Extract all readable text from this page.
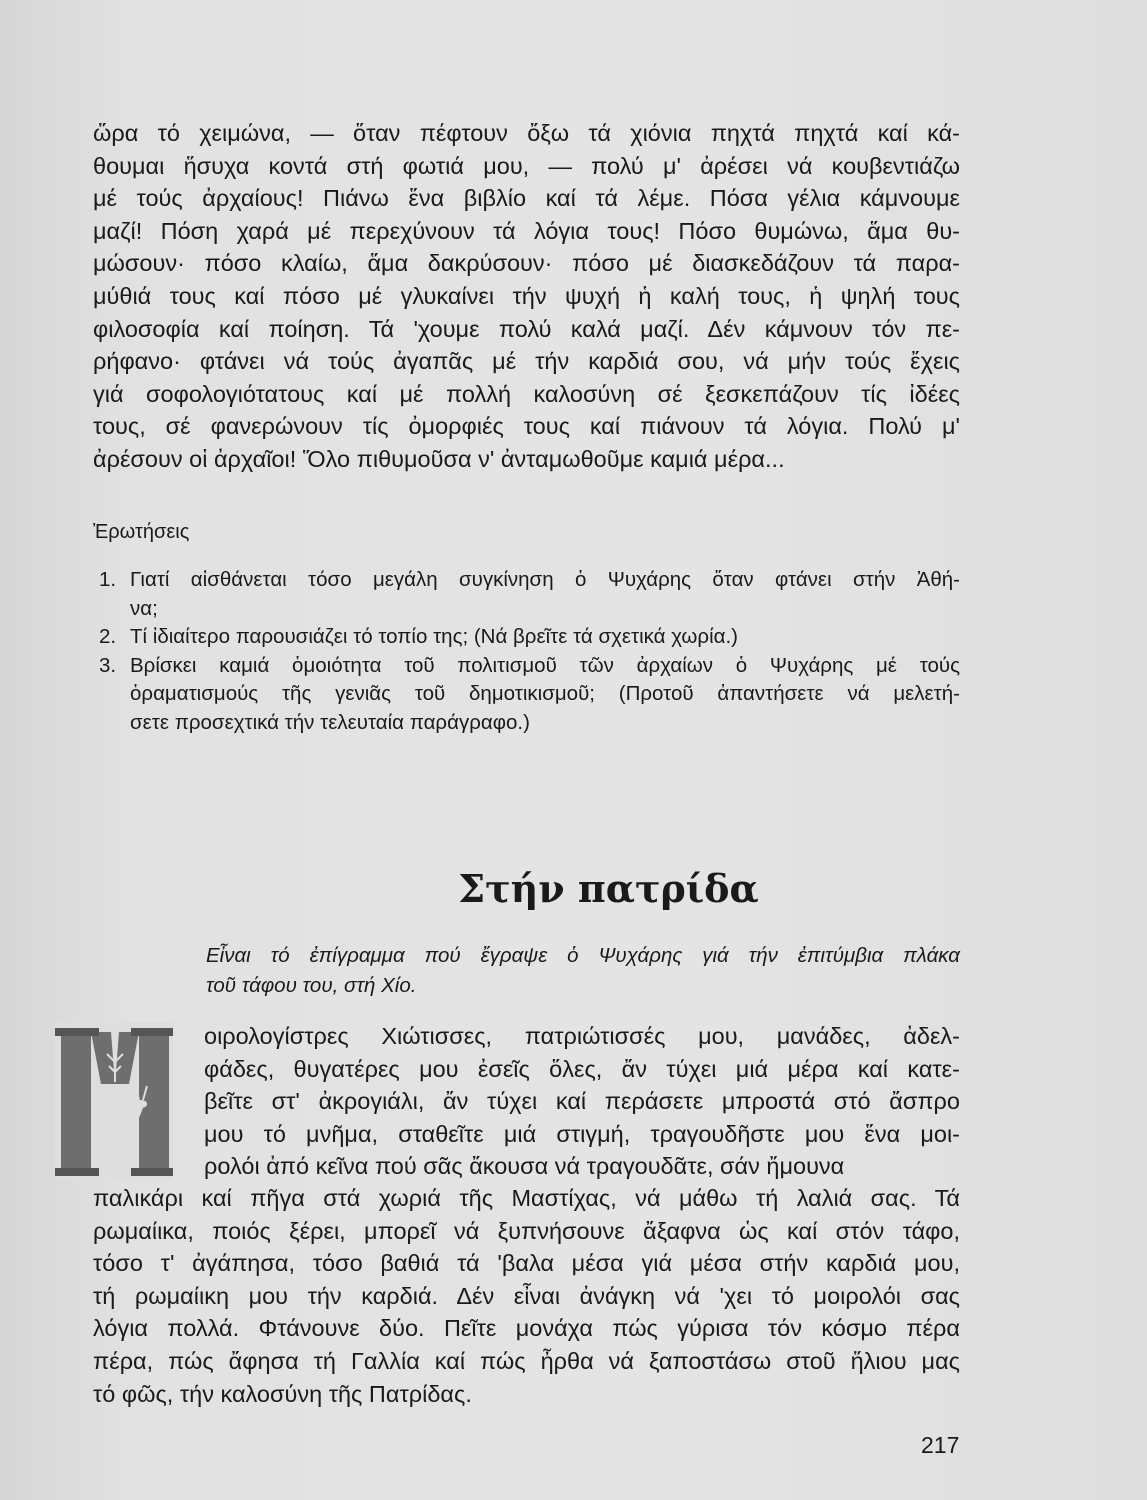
ὥρα τό χειμώνα, — ὅταν πέφτουν ὄξω τά χιόνια πηχτά πηχτά καί κά-
θουμαι ἥσυχα κοντά στή φωτιά μου, — πολύ μ' ἀρέσει νά κουβεντιάζω
μέ τούς ἀρχαίους! Πιάνω ἕνα βιβλίο καί τά λέμε. Πόσα γέλια κάμνουμε
μαζί! Πόση χαρά μέ περεχύνουν τά λόγια τους! Πόσο θυμώνω, ἅμα θυ-
μώσουν· πόσο κλαίω, ἅμα δακρύσουν· πόσο μέ διασκεδάζουν τά παρα-
μύθιά τους καί πόσο μέ γλυκαίνει τήν ψυχή ἡ καλή τους, ἡ ψηλή τους
φιλοσοφία καί ποίηση. Τά 'χουμε πολύ καλά μαζί. Δέν κάμνουν τόν πε-
ρήφανο· φτάνει νά τούς ἀγαπᾶς μέ τήν καρδιά σου, νά μήν τούς ἔχεις
γιά σοφολογιότατους καί μέ πολλή καλοσύνη σέ ξεσκεπάζουν τίς ἰδέες
τους, σέ φανερώνουν τίς ὀμορφιές τους καί πιάνουν τά λόγια. Πολύ μ'
ἀρέσουν οἱ ἀρχαῖοι! Ὅλο πιθυμοῦσα ν' ἀνταμωθοῦμε καμιά μέρα...
Ἐρωτήσεις
1. Γιατί αἰσθάνεται τόσο μεγάλη συγκίνηση ὁ Ψυχάρης ὅταν φτάνει στήν Ἀθή-
να;
2. Τί ἰδιαίτερο παρουσιάζει τό τοπίο της; (Νά βρεῖτε τά σχετικά χωρία.)
3. Βρίσκει καμιά ὁμοιότητα τοῦ πολιτισμοῦ τῶν ἀρχαίων ὁ Ψυχάρης μέ τούς
ὁραματισμούς τῆς γενιᾶς τοῦ δημοτικισμοῦ; (Προτοῦ ἀπαντήσετε νά μελετή-
σετε προσεχτικά τήν τελευταία παράγραφο.)
Στήν πατρίδα
Εἶναι τό ἐπίγραμμα πού ἔγραψε ὁ Ψυχάρης γιά τήν ἐπιτύμβια πλάκα
τοῦ τάφου του, στή Χίο.
οιρολογίστρες Χιώτισσες, πατριώτισσές μου, μανάδες, ἀδελ-
φάδες, θυγατέρες μου ἐσεῖς ὅλες, ἄν τύχει μιά μέρα καί κατε-
βεῖτε στ' ἀκρογιάλι, ἄν τύχει καί περάσετε μπροστά στό ἄσπρο
μου τό μνῆμα, σταθεῖτε μιά στιγμή, τραγουδῆστε μου ἕνα μοι-
ρολόι ἀπό κεῖνα πού σᾶς ἄκουσα νά τραγουδᾶτε, σάν ἤμουνα
παλικάρι καί πῆγα στά χωριά τῆς Μαστίχας, νά μάθω τή λαλιά σας. Τά
ρωμαίικα, ποιός ξέρει, μπορεῖ νά ξυπνήσουνε ἄξαφνα ὡς καί στόν τάφο,
τόσο τ' ἀγάπησα, τόσο βαθιά τά 'βαλα μέσα γιά μέσα στήν καρδιά μου,
τή ρωμαίικη μου τήν καρδιά. Δέν εἶναι ἀνάγκη νά 'χει τό μοιρολόι σας
λόγια πολλά. Φτάνουνε δύο. Πεῖτε μονάχα πώς γύρισα τόν κόσμο πέρα
πέρα, πώς ἄφησα τή Γαλλία καί πώς ἦρθα νά ξαποστάσω στοῦ ἥλιου μας
τό φῶς, τήν καλοσύνη τῆς Πατρίδας.

217
